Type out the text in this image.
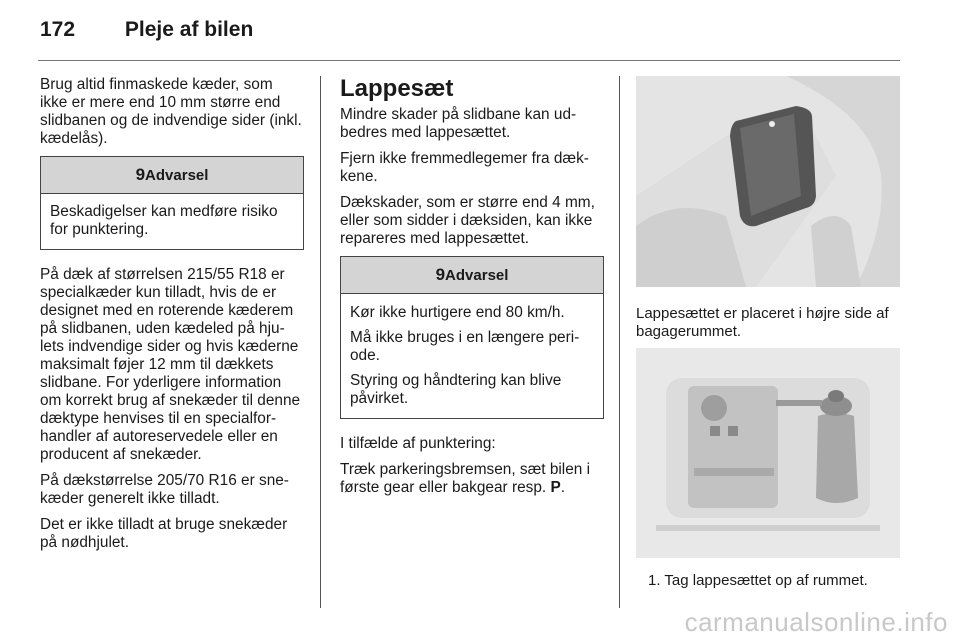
172 Pleje af bilen

Brug altid finmaskede kæder, som ikke er mere end 10 mm større end slidbanen og de indvendige sider (inkl. kædelås).

9Advarsel

Beskadigelser kan medføre risiko for punktering.

På dæk af størrelsen 215/55 R18 er specialkæder kun tilladt, hvis de er designet med en roterende kæderem på slidbanen, uden kædeled på hju-lets indvendige sider og hvis kæderne maksimalt føjer 12 mm til dækkets slidbane. For yderligere information om korrekt brug af snekæder til denne dæktype henvises til en specialfor-handler af autoreservedele eller en producent af snekæder.

På dækstørrelse 205/70 R16 er sne-kæder generelt ikke tilladt.

Det er ikke tilladt at bruge snekæder på nødhjulet.

Lappesæt

Mindre skader på slidbane kan ud-bedres med lappesættet.

Fjern ikke fremmedlegemer fra dæk-kene.

Dækskader, som er større end 4 mm, eller som sidder i dæksiden, kan ikke repareres med lappesættet.

9Advarsel

Kør ikke hurtigere end 80 km/h.

Må ikke bruges i en længere peri-ode.

Styring og håndtering kan blive påvirket.

I tilfælde af punktering:

Træk parkeringsbremsen, sæt bilen i første gear eller bakgear resp. P.

Lappesættet er placeret i højre side af bagagerummet.
1. Tag lappesættet op af rummet.
carmanualsonline.info
